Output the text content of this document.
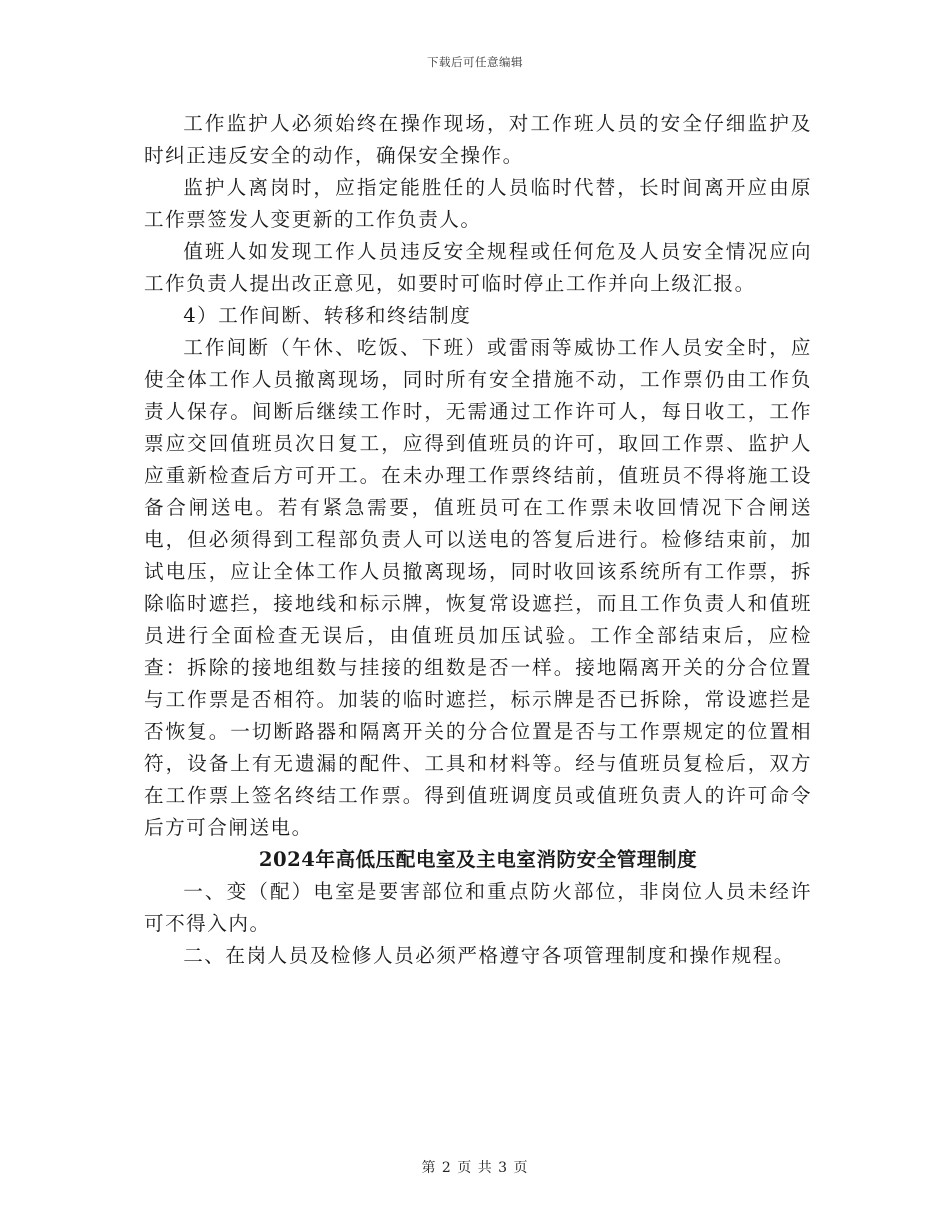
下载后可任意编辑

工作监护人必须始终在操作现场，对工作班人员的安全仔细监护及时纠正违反安全的动作，确保安全操作。

监护人离岗时，应指定能胜任的人员临时代替，长时间离开应由原工作票签发人变更新的工作负责人。

值班人如发现工作人员违反安全规程或任何危及人员安全情况应向工作负责人提出改正意见，如要时可临时停止工作并向上级汇报。

4）工作间断、转移和终结制度

工作间断（午休、吃饭、下班）或雷雨等威协工作人员安全时，应使全体工作人员撤离现场，同时所有安全措施不动，工作票仍由工作负责人保存。间断后继续工作时，无需通过工作许可人，每日收工，工作票应交回值班员次日复工，应得到值班员的许可，取回工作票、监护人应重新检查后方可开工。在未办理工作票终结前，值班员不得将施工设备合闸送电。若有紧急需要，值班员可在工作票未收回情况下合闸送电，但必须得到工程部负责人可以送电的答复后进行。检修结束前，加试电压，应让全体工作人员撤离现场，同时收回该系统所有工作票，拆除临时遮拦，接地线和标示牌，恢复常设遮拦，而且工作负责人和值班员进行全面检查无误后，由值班员加压试验。工作全部结束后，应检查：拆除的接地组数与挂接的组数是否一样。接地隔离开关的分合位置与工作票是否相符。加装的临时遮拦，标示牌是否已拆除，常设遮拦是否恢复。一切断路器和隔离开关的分合位置是否与工作票规定的位置相符，设备上有无遗漏的配件、工具和材料等。经与值班员复检后，双方在工作票上签名终结工作票。得到值班调度员或值班负责人的许可命令后方可合闸送电。

2024年高低压配电室及主电室消防安全管理制度

一、变（配）电室是要害部位和重点防火部位，非岗位人员未经许可不得入内。

二、在岗人员及检修人员必须严格遵守各项管理制度和操作规程。

第 2 页 共 3 页
